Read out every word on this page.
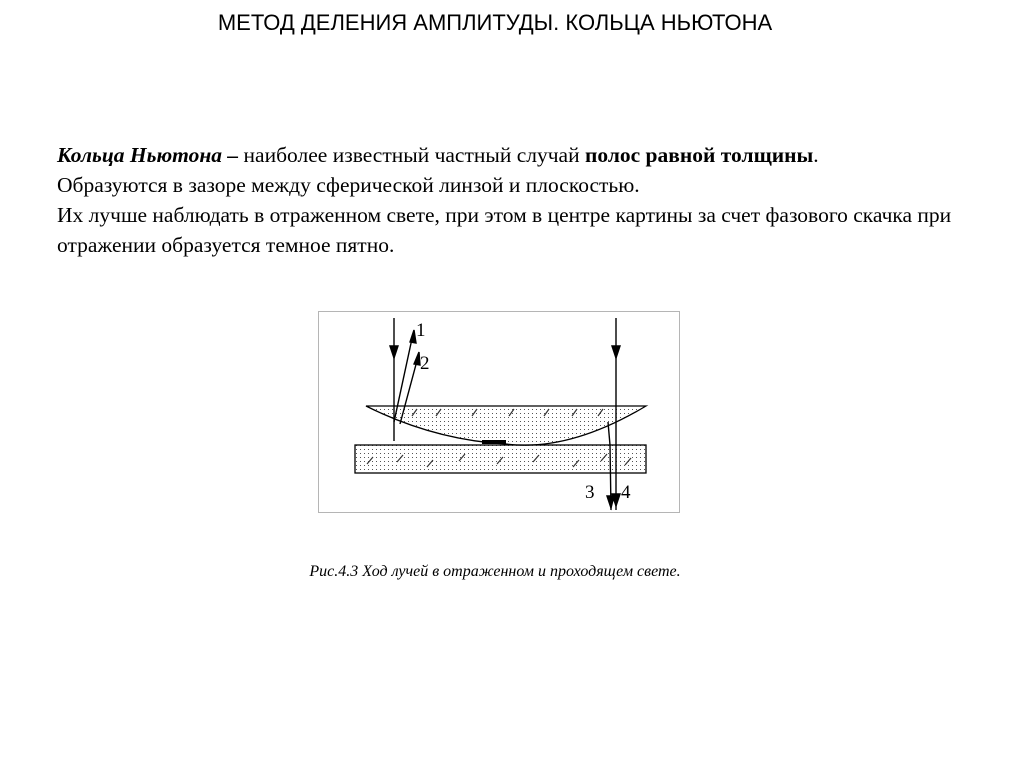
МЕТОД ДЕЛЕНИЯ АМПЛИТУДЫ. КОЛЬЦА НЬЮТОНА

Кольца Ньютона – наиболее известный частный случай полос равной толщины.

Образуются в зазоре между сферической линзой и плоскостью.

Их лучше наблюдать в отраженном свете, при этом в центре картины за счет фазового скачка при отражении образуется темное пятно.

1
2
3 4
Рис.4.3 Ход лучей в отраженном и проходящем свете.
